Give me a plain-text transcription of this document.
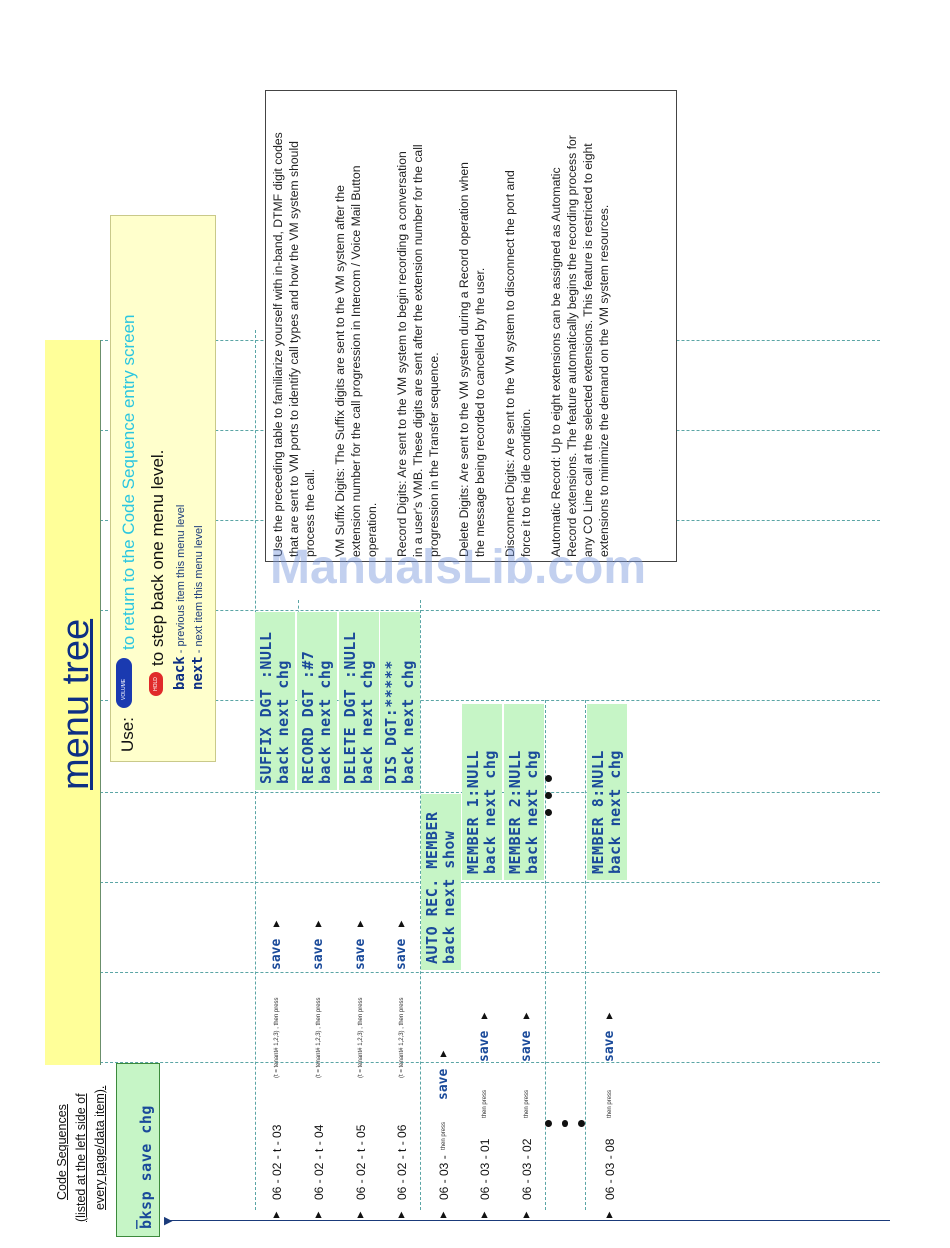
▶
menu tree
Code Sequences (listed at the left side of every page/data item).
_ bksp save chg
Use:
VOLUME
to return to the Code Sequence entry screen
HOLD
to step back one menu level.
back - previous item this menu level
next - next item this menu level
▲
06 - 02 - t - 03
(t = tenant# 1,2,3) , then press
save
▲
▲
06 - 02 - t - 04
(t = tenant# 1,2,3) , then press
save
▲
▲
06 - 02 - t - 05
(t = tenant# 1,2,3) , then press
save
▲
▲
06 - 02 - t - 06
(t = tenant# 1,2,3) , then press
save
▲
▲
06 - 03 -
then press
save
▲
▲
06 - 03 - 01
then press
save
▲
▲
06 - 03 - 02
then press
save
▲
▲
06 - 03 - 08
then press
save
▲
SUFFIX DGT :NULL back next chg RECORD DGT :#7 back next chg DELETE DGT :NULL back next chg DIS DGT:***** back next chg
AUTO REC. MEMBER back next show
MEMBER 1:NULL back next chg MEMBER 2:NULL back next chg	MEMBER 8:NULL back next chg
Use the preceeding table to familiarize yourself with in-band, DTMF digit codes that are sent to VM ports to identify call types and how the VM system should process the call. VM Suffix Digits: The Suffix digits are sent to the VM system after the extension number for the call progression in Intercom / Voice Mail Button operation. Record Digits: Are sent to the VM system to begin recording a conversation in a user's VMB. These digits are sent after the extension number for the call progression in the Transfer sequence. Delete Digits: Are sent to the VM system during a Record operation when the message being recorded to cancelled by the user. Disconnect Digits: Are sent to the VM system to disconnect the port and force it to the idle condition. Automatic Record: Up to eight extensions can be assigned as Automatic Record extensions. The feature automatically begins the recording process for any CO Line call at the selected extensions. This feature is restricted to eight extensions to minimize the demand on the VM system resources.
ManualsLib.com
